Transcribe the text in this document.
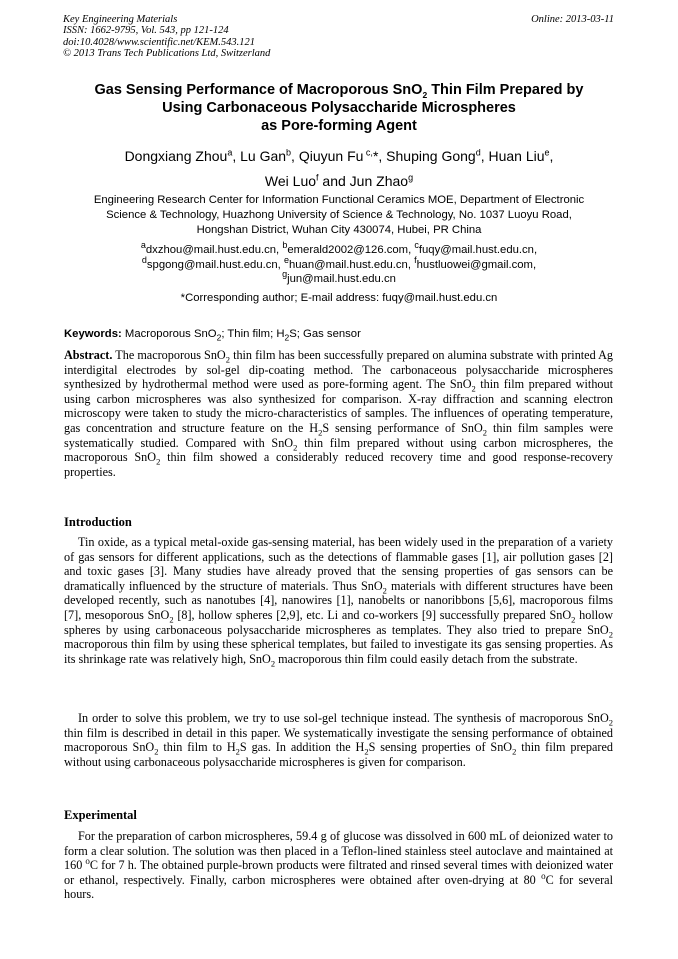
Key Engineering Materials
ISSN: 1662-9795, Vol. 543, pp 121-124
doi:10.4028/www.scientific.net/KEM.543.121
© 2013 Trans Tech Publications Ltd, Switzerland
Online: 2013-03-11
Gas Sensing Performance of Macroporous SnO$_2$ Thin Film Prepared by
Using Carbonaceous Polysaccharide Microspheres
as Pore-forming Agent
Dongxiang Zhou$^a$, Lu Gan$^b$, Qiuyun Fu $^{c,}$*, Shuping Gong$^d$, Huan Liu$^e$,
Wei Luo$^f$ and Jun Zhao$^g$
Engineering Research Center for Information Functional Ceramics MOE, Department of Electronic
Science & Technology, Huazhong University of Science & Technology, No. 1037 Luoyu Road,
Hongshan District, Wuhan City 430074, Hubei, PR China
$^a$dxzhou@mail.hust.edu.cn, $^b$emerald2002@126.com, $^c$fuqy@mail.hust.edu.cn,
$^d$spgong@mail.hust.edu.cn, $^e$huan@mail.hust.edu.cn, $^f$hustluowei@gmail.com,
$^g$jun@mail.hust.edu.cn
*Corresponding author; E-mail address: fuqy@mail.hust.edu.cn
Keywords: Macroporous SnO$_2$; Thin film; $H_2S$; Gas sensor
Abstract. The macroporous SnO$_2$ thin film has been successfully prepared on alumina substrate with printed Ag interdigital electrodes by sol-gel dip-coating method. The carbonaceous polysaccharide microspheres synthesized by hydrothermal method were used as pore-forming agent. The SnO$_2$ thin film prepared without using carbon microspheres was also synthesized for comparison. X-ray diffraction and scanning electron microscopy were taken to study the micro-characteristics of samples. The influences of operating temperature, gas concentration and structure feature on the $H_2S$ sensing performance of SnO$_2$ thin film samples were systematically studied. Compared with SnO$_2$ thin film prepared without using carbon microspheres, the macroporous SnO$_2$ thin film showed a considerably reduced recovery time and good response-recovery properties.
Introduction
Tin oxide, as a typical metal-oxide gas-sensing material, has been widely used in the preparation of a variety of gas sensors for different applications, such as the detections of flammable gases [1], air pollution gases [2] and toxic gases [3]. Many studies have already proved that the sensing properties of gas sensors can be dramatically influenced by the structure of materials. Thus SnO$_2$ materials with different structures have been developed recently, such as nanotubes [4], nanowires [1], nanobelts or nanoribbons [5,6], macroporous films [7], mesoporous SnO$_2$ [8], hollow spheres [2,9], etc. Li and co-workers [9] successfully prepared SnO$_2$ hollow spheres by using carbonaceous polysaccharide microspheres as templates. They also tried to prepare SnO$_2$ macroporous thin film by using these spherical templates, but failed to investigate its gas sensing properties. As its shrinkage rate was relatively high, SnO$_2$ macroporous thin film could easily detach from the substrate.
In order to solve this problem, we try to use sol-gel technique instead. The synthesis of macroporous SnO$_2$ thin film is described in detail in this paper. We systematically investigate the sensing performance of obtained macroporous SnO$_2$ thin film to $H_2S$ gas. In addition the $H_2S$ sensing properties of SnO$_2$ thin film prepared without using carbonaceous polysaccharide microspheres is given for comparison.
Experimental
For the preparation of carbon microspheres, 59.4 g of glucose was dissolved in 600 mL of deionized water to form a clear solution. The solution was then placed in a Teflon-lined stainless steel autoclave and maintained at 160 $^o$C for 7 h. The obtained purple-brown products were filtrated and rinsed several times with deionized water or ethanol, respectively. Finally, carbon microspheres were obtained after oven-drying at 80 $^o$C for several hours.
